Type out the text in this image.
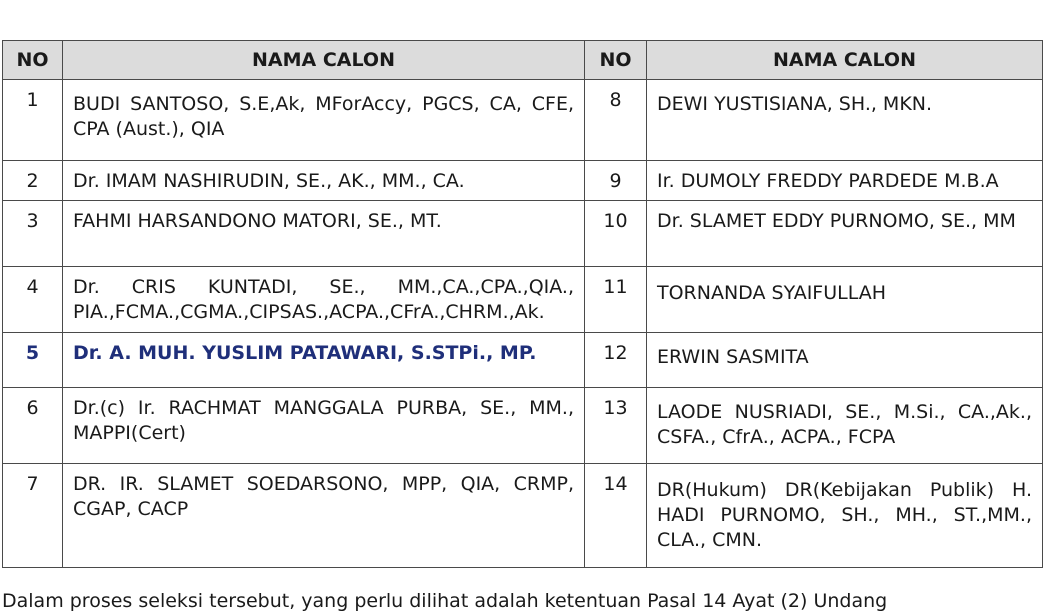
NO	NAMA CALON	NO	NAMA CALON
1	BUDI SANTOSO, S.E,Ak, MForAccy, PGCS, CA, CFE, CPA (Aust.), QIA	8	DEWI YUSTISIANA, SH., MKN.
2	Dr. IMAM NASHIRUDIN, SE., AK., MM., CA.	9	Ir. DUMOLY FREDDY PARDEDE M.B.A
3	FAHMI HARSANDONO MATORI, SE., MT.	10	Dr. SLAMET EDDY PURNOMO, SE., MM
4	Dr. CRIS KUNTADI, SE., MM.,CA.,CPA.,QIA., PIA.,FCMA.,CGMA.,CIPSAS.,ACPA.,CFrA.,CHRM.,Ak.	11	TORNANDA SYAIFULLAH
5	Dr. A. MUH. YUSLIM PATAWARI, S.STPi., MP.	12	ERWIN SASMITA
6	Dr.(c) Ir. RACHMAT MANGGALA PURBA, SE., MM., MAPPI(Cert)	13	LAODE NUSRIADI, SE., M.Si., CA.,Ak., CSFA., CfrA., ACPA., FCPA
7	DR. IR. SLAMET SOEDARSONO, MPP, QIA, CRMP, CGAP, CACP	14	DR(Hukum) DR(Kebijakan Publik) H. HADI PURNOMO, SH., MH., ST.,MM., CLA., CMN.
Dalam proses seleksi tersebut, yang perlu dilihat adalah ketentuan Pasal 14 Ayat (2) Undang
